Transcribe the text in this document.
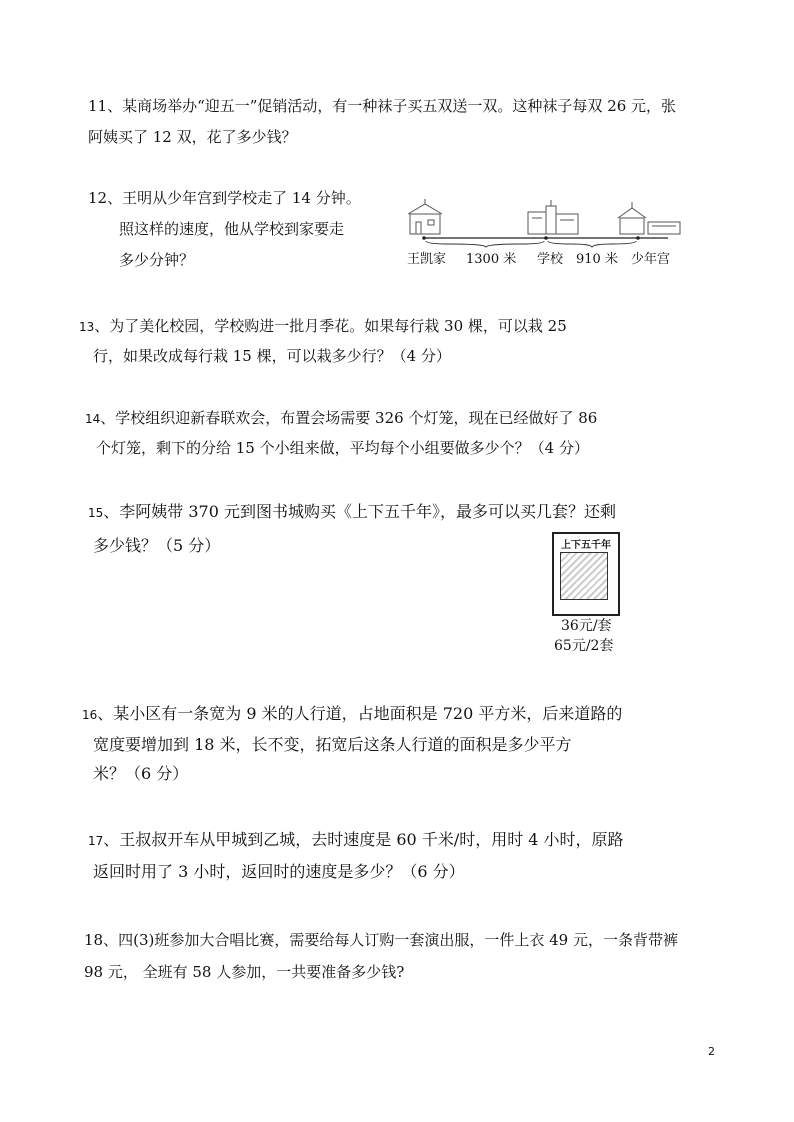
11、某商场举办“迎五一”促销活动，有一种袜子买五双送一双。这种袜子每双 26 元，张
阿姨买了 12 双，花了多少钱？
12、王明从少年宫到学校走了 14 分钟。
照这样的速度，他从学校到家要走
多少分钟？	王凯家 1300 米 学校 910 米 少年宫
13、为了美化校园，学校购进一批月季花。如果每行栽 30 棵，可以栽 25
行，如果改成每行栽 15 棵，可以栽多少行？（4 分）
14、学校组织迎新春联欢会，布置会场需要 326 个灯笼，现在已经做好了 86
个灯笼，剩下的分给 15 个小组来做，平均每个小组要做多少个？（4 分）
15、李阿姨带 370 元到图书城购买《上下五千年》，最多可以买几套？还剩
多少钱？（5 分）	上下五千年
36元/套
65元/2套
16、某小区有一条宽为 9 米的人行道，占地面积是 720 平方米，后来道路的
宽度要增加到 18 米，长不变，拓宽后这条人行道的面积是多少平方
米？（6 分）
17、王叔叔开车从甲城到乙城，去时速度是 60 千米/时，用时 4 小时，原路
返回时用了 3 小时，返回时的速度是多少？（6 分）
18、四(3)班参加大合唱比赛，需要给每人订购一套演出服，一件上衣 49 元，一条背带裤
98 元， 全班有 58 人参加，一共要准备多少钱?
2
